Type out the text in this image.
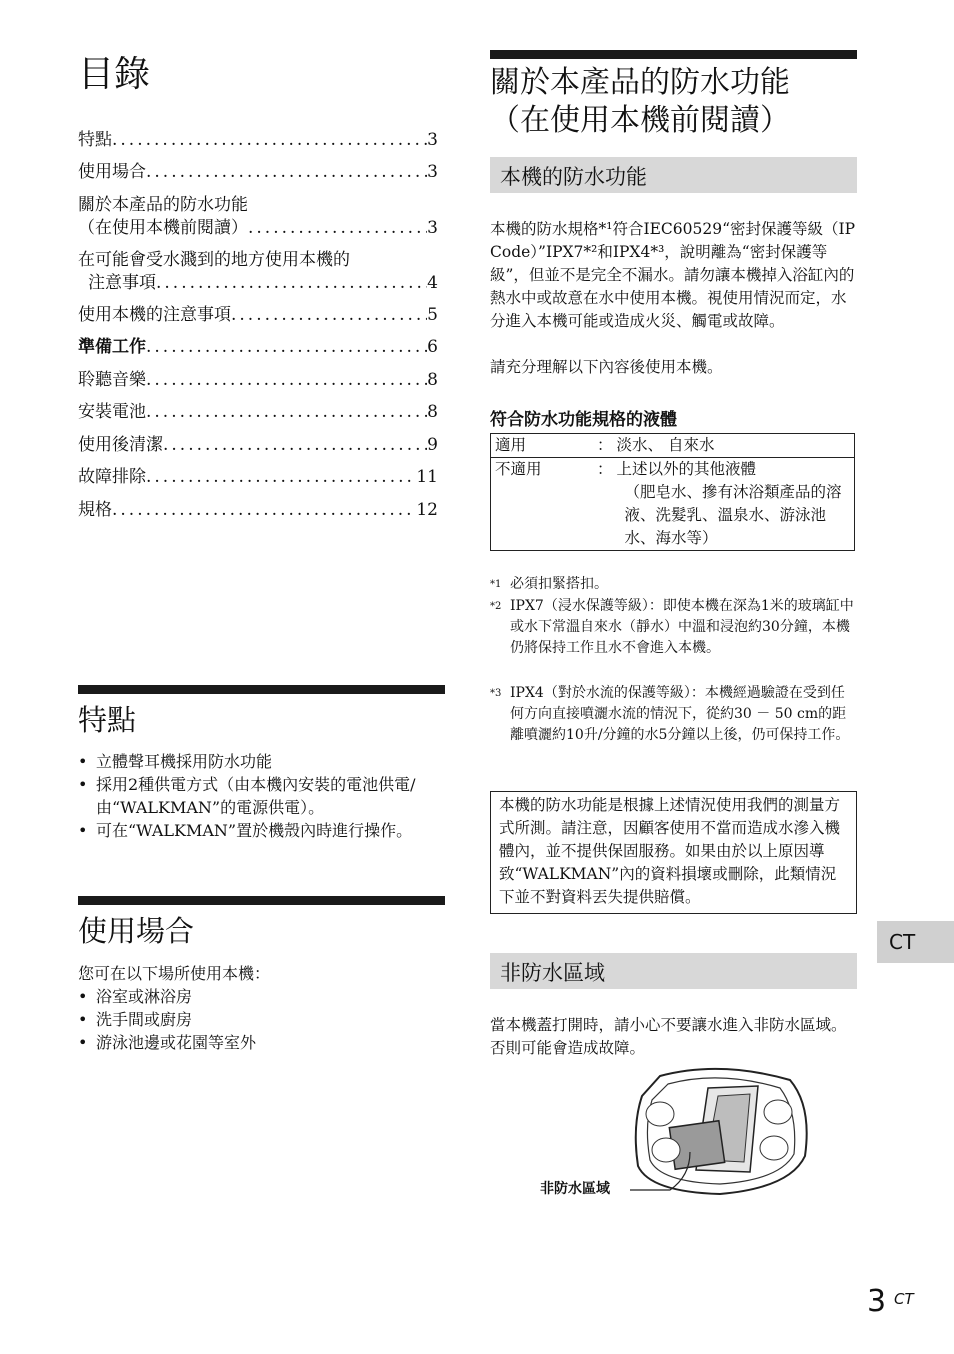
目錄
特點 .....	3
使用場合 .....	3
關於本產品的防水功能
（在使用本機前閱讀） .....	3
在可能會受水濺到的地方使用本機的
注意事項 .....	4
使用本機的注意事項 .....	5
準備工作 .....	6
聆聽音樂 .....	8
安裝電池 .....	8
使用後清潔 .....	9
故障排除 .....	11
規格 .....	12
特點
• 立體聲耳機採用防水功能
• 採用2種供電方式（由本機內安裝的電池供電/由“WALKMAN”的電源供電）。
• 可在“WALKMAN”置於機殼內時進行操作。
使用場合
您可在以下場所使用本機：
• 浴室或淋浴房
• 洗手間或廚房
• 游泳池邊或花園等室外
關於本產品的防水功能
（在使用本機前閱讀）
本機的防水功能

本機的防水規格*¹符合IEC60529“密封保護等級（IP Code）”IPX7*²和IPX4*³，說明離為“密封保護等級”，但並不是完全不漏水。請勿讓本機掉入浴缸內的熱水中或故意在水中使用本機。視使用情況而定，水分進入本機可能或造成火災、觸電或故障。

請充分理解以下內容後使用本機。

符合防水功能規格的液體
適用	：	淡水、 自來水
不適用	：	上述以外的其他液體
（肥皂水、摻有沐浴類產品的溶液、洗髮乳、溫泉水、游泳池水、海水等）
*1 必須扣緊搭扣。
*2 IPX7（浸水保護等級）：即使本機在深為1米的玻璃缸中或水下常溫自來水（靜水）中溫和浸泡約30分鐘，本機仍將保持工作且水不會進入本機。
*3 IPX4（對於水流的保護等級）：本機經過驗證在受到任何方向直接噴灑水流的情況下，從約30 － 50 cm的距離噴灑約10升/分鐘的水5分鐘以上後，仍可保持工作。
本機的防水功能是根據上述情況使用我們的測量方式所測。請注意，因顧客使用不當而造成水滲入機體內，並不提供保固服務。如果由於以上原因導致“WALKMAN”內的資料損壞或刪除，此類情況下並不對資料丟失提供賠償。
非防水區域

當本機蓋打開時，請小心不要讓水進入非防水區域。否則可能會造成故障。

非防水區域
CT
3 CT
